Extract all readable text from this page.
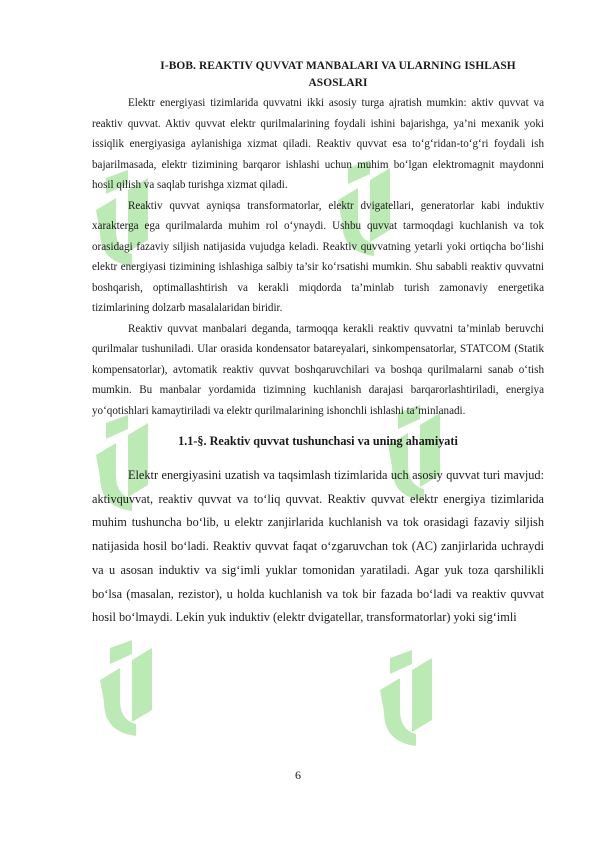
I-BOB. REAKTIV QUVVAT MANBALARI VA ULARNING ISHLASH ASOSLARI

Elektr energiyasi tizimlarida quvvatni ikki asosiy turga ajratish mumkin: aktiv quvvat va reaktiv quvvat. Aktiv quvvat elektr qurilmalarining foydali ishini bajarishga, ya’ni mexanik yoki issiqlik energiyasiga aylanishiga xizmat qiladi. Reaktiv quvvat esa to‘g‘ridan-to‘g‘ri foydali ish bajarilmasada, elektr tizimining barqaror ishlashi uchun muhim bo‘lgan elektromagnit maydonni hosil qilish va saqlab turishga xizmat qiladi.

Reaktiv quvvat ayniqsa transformatorlar, elektr dvigatellari, generatorlar kabi induktiv xarakterga ega qurilmalarda muhim rol o‘ynaydi. Ushbu quvvat tarmoqdagi kuchlanish va tok orasidagi fazaviy siljish natijasida vujudga keladi. Reaktiv quvvatning yetarli yoki ortiqcha bo‘lishi elektr energiyasi tizimining ishlashiga salbiy ta’sir ko‘rsatishi mumkin. Shu sababli reaktiv quvvatni boshqarish, optimallashtirish va kerakli miqdorda ta’minlab turish zamonaviy energetika tizimlarining dolzarb masalalaridan biridir.

Reaktiv quvvat manbalari deganda, tarmoqqa kerakli reaktiv quvvatni ta’minlab beruvchi qurilmalar tushuniladi. Ular orasida kondensator batareyalari, sinkompensatorlar, STATCOM (Statik kompensatorlar), avtomatik reaktiv quvvat boshqaruvchilari va boshqa qurilmalarni sanab o‘tish mumkin. Bu manbalar yordamida tizimning kuchlanish darajasi barqarorlashtiriladi, energiya yo‘qotishlari kamaytiriladi va elektr qurilmalarining ishonchli ishlashi ta’minlanadi.

1.1-§. Reaktiv quvvat tushunchasi va uning ahamiyati

Elektr energiyasini uzatish va taqsimlash tizimlarida uch asosiy quvvat turi mavjud: aktivquvvat, reaktiv quvvat va to‘liq quvvat. Reaktiv quvvat elektr energiya tizimlarida muhim tushuncha bo‘lib, u elektr zanjirlarida kuchlanish va tok orasidagi fazaviy siljish natijasida hosil bo‘ladi. Reaktiv quvvat faqat o‘zgaruvchan tok (AC) zanjirlarida uchraydi va u asosan induktiv va sig‘imli yuklar tomonidan yaratiladi. Agar yuk toza qarshilikli bo‘lsa (masalan, rezistor), u holda kuchlanish va tok bir fazada bo‘ladi va reaktiv quvvat hosil bo‘lmaydi. Lekin yuk induktiv (elektr dvigatellar, transformatorlar) yoki sig‘imli

6
